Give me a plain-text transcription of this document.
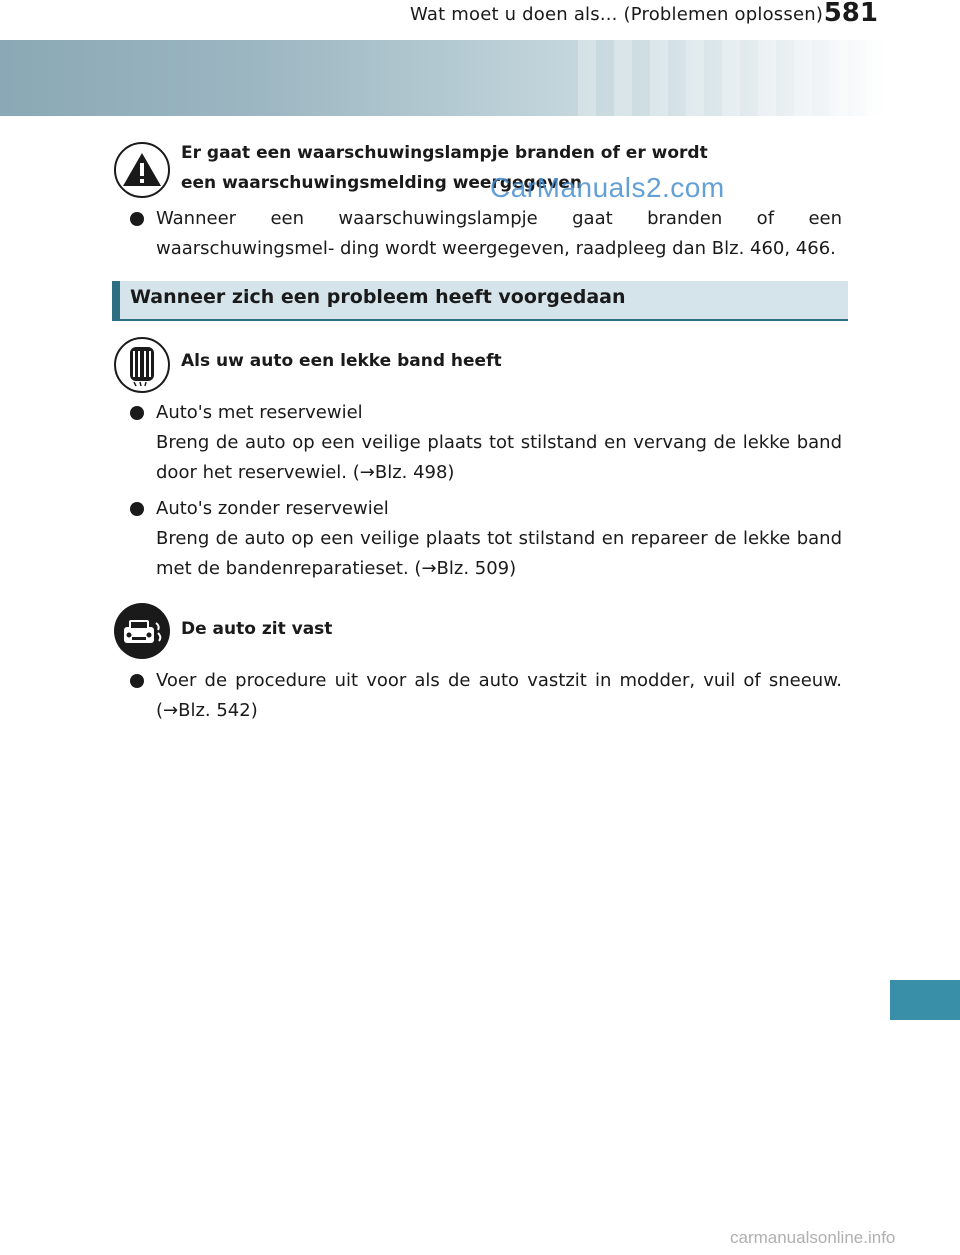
Wat moet u doen als... (Problemen oplossen) 581
Er gaat een waarschuwingslampje branden of er wordt
een waarschuwingsmelding weergegeven
CarManuals2.com
Wanneer een waarschuwingslampje gaat branden of een waarschuwingsmel- ding wordt weergegeven, raadpleeg dan Blz. 460, 466.
Wanneer zich een probleem heeft voorgedaan
Als uw auto een lekke band heeft
Auto's met reservewiel
Breng de auto op een veilige plaats tot stilstand en vervang de lekke band door het reservewiel. (→Blz. 498)
Auto's zonder reservewiel
Breng de auto op een veilige plaats tot stilstand en repareer de lekke band met de bandenreparatieset. (→Blz. 509)
De auto zit vast
Voer de procedure uit voor als de auto vastzit in modder, vuil of sneeuw. (→Blz. 542)
carmanualsonline.info
